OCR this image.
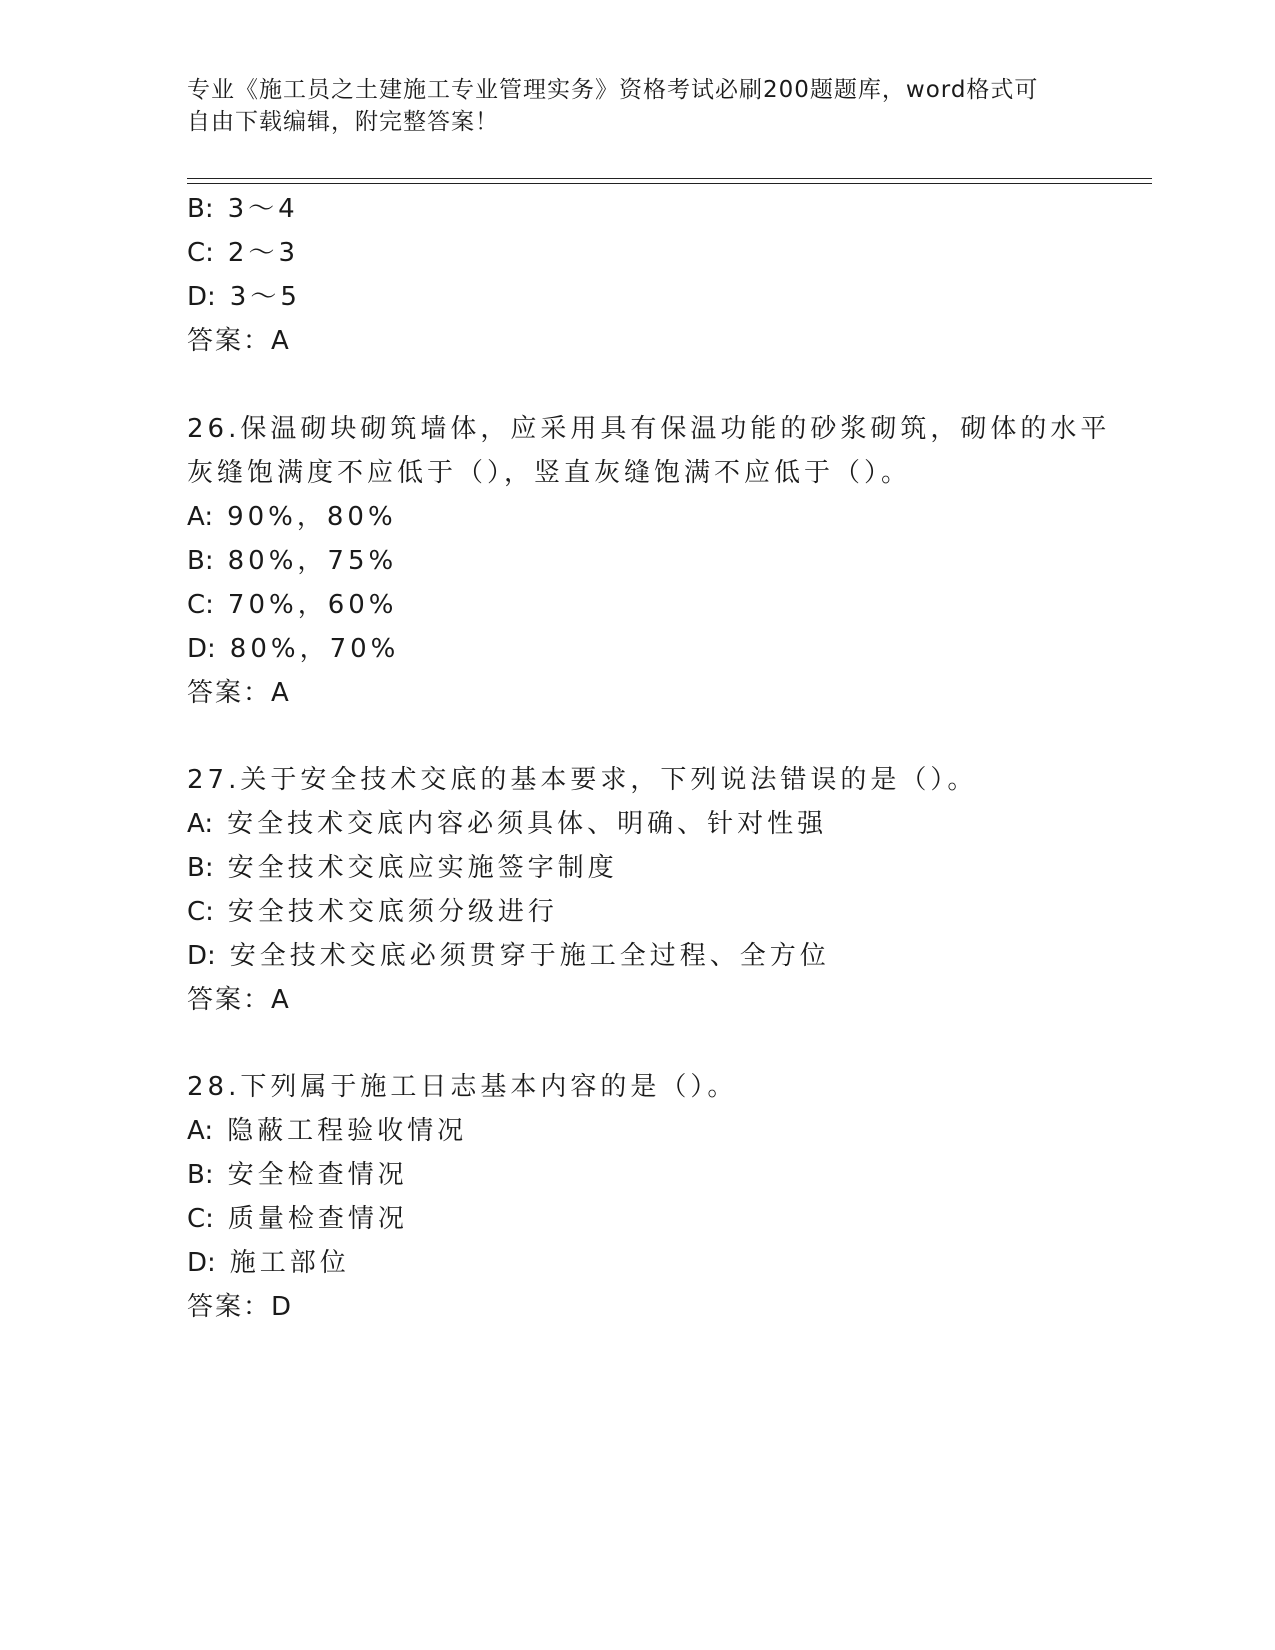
专业《施工员之土建施工专业管理实务》资格考试必刷200题题库，word格式可
自由下载编辑，附完整答案！
B: 3～4
C: 2～3
D: 3～5
答案：A
26.保温砌块砌筑墙体，应采用具有保温功能的砂浆砌筑，砌体的水平
灰缝饱满度不应低于（），竖直灰缝饱满不应低于（）。
A: 90%，80%
B: 80%，75%
C: 70%，60%
D: 80%，70%
答案：A
27.关于安全技术交底的基本要求，下列说法错误的是（）。
A: 安全技术交底内容必须具体、明确、针对性强
B: 安全技术交底应实施签字制度
C: 安全技术交底须分级进行
D: 安全技术交底必须贯穿于施工全过程、全方位
答案：A
28.下列属于施工日志基本内容的是（）。
A: 隐蔽工程验收情况
B: 安全检查情况
C: 质量检查情况
D: 施工部位
答案：D
